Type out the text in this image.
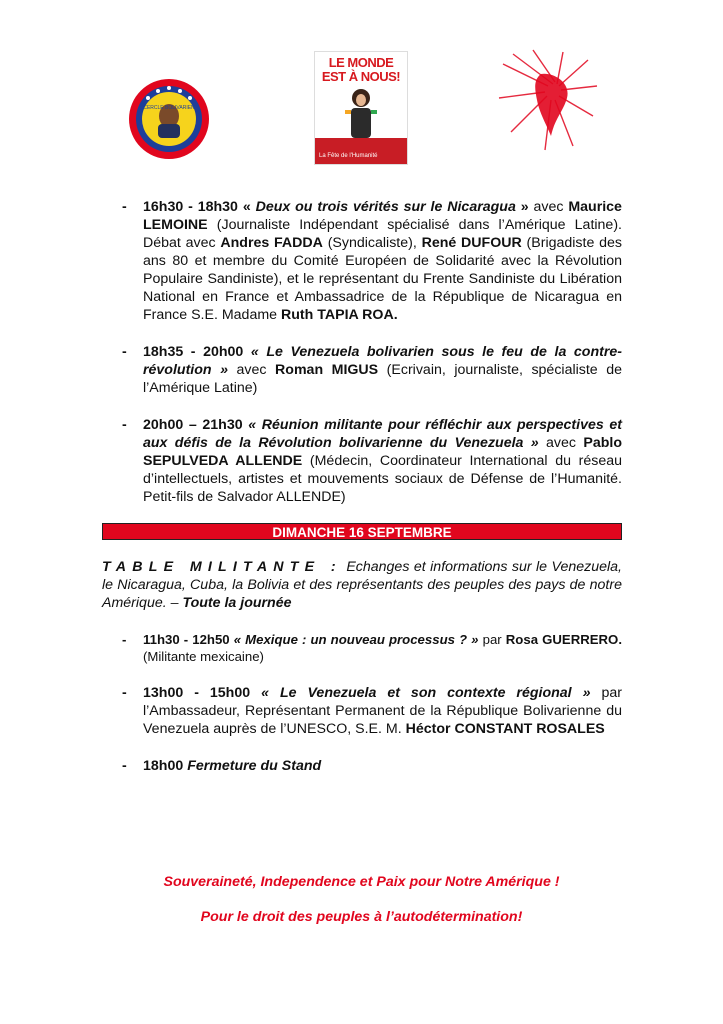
CERCLE BOLIVARIEN
LE MONDE EST À NOUS!
La Fête de l'Humanité
- 16h30 - 18h30 « Deux ou trois vérités sur le Nicaragua » avec Maurice LEMOINE (Journaliste Indépendant spécialisé dans l’Amérique Latine). Débat avec Andres FADDA (Syndicaliste), René DUFOUR (Brigadiste des ans 80 et membre du Comité Européen de Solidarité avec la Révolution Populaire Sandiniste), et le représentant du Frente Sandiniste du Libération National en France et Ambassadrice de la République de Nicaragua en France S.E. Madame Ruth TAPIA ROA.
- 18h35 - 20h00 « Le Venezuela bolivarien sous le feu de la contre-révolution » avec Roman MIGUS (Ecrivain, journaliste, spécialiste de l’Amérique Latine)
- 20h00 – 21h30 « Réunion militante pour réfléchir aux perspectives et aux défis de la Révolution bolivarienne du Venezuela » avec Pablo SEPULVEDA ALLENDE (Médecin, Coordinateur International du réseau d’intellectuels, artistes et mouvements sociaux de Défense de l’Humanité. Petit-fils de Salvador ALLENDE)
DIMANCHE 16 SEPTEMBRE
TABLE MILITANTE : Echanges et informations sur le Venezuela, le Nicaragua, Cuba, la Bolivia et des représentants des peuples des pays de notre Amérique. – Toute la journée
- 11h30 - 12h50 « Mexique : un nouveau processus ? » par Rosa GUERRERO. (Militante mexicaine)
- 13h00 - 15h00 « Le Venezuela et son contexte régional » par l’Ambassadeur, Représentant Permanent de la République Bolivarienne du Venezuela auprès de l’UNESCO, S.E. M. Héctor CONSTANT ROSALES
- 18h00 Fermeture du Stand
Souveraineté, Independence et Paix pour Notre Amérique !
Pour le droit des peuples à l’autodétermination!
